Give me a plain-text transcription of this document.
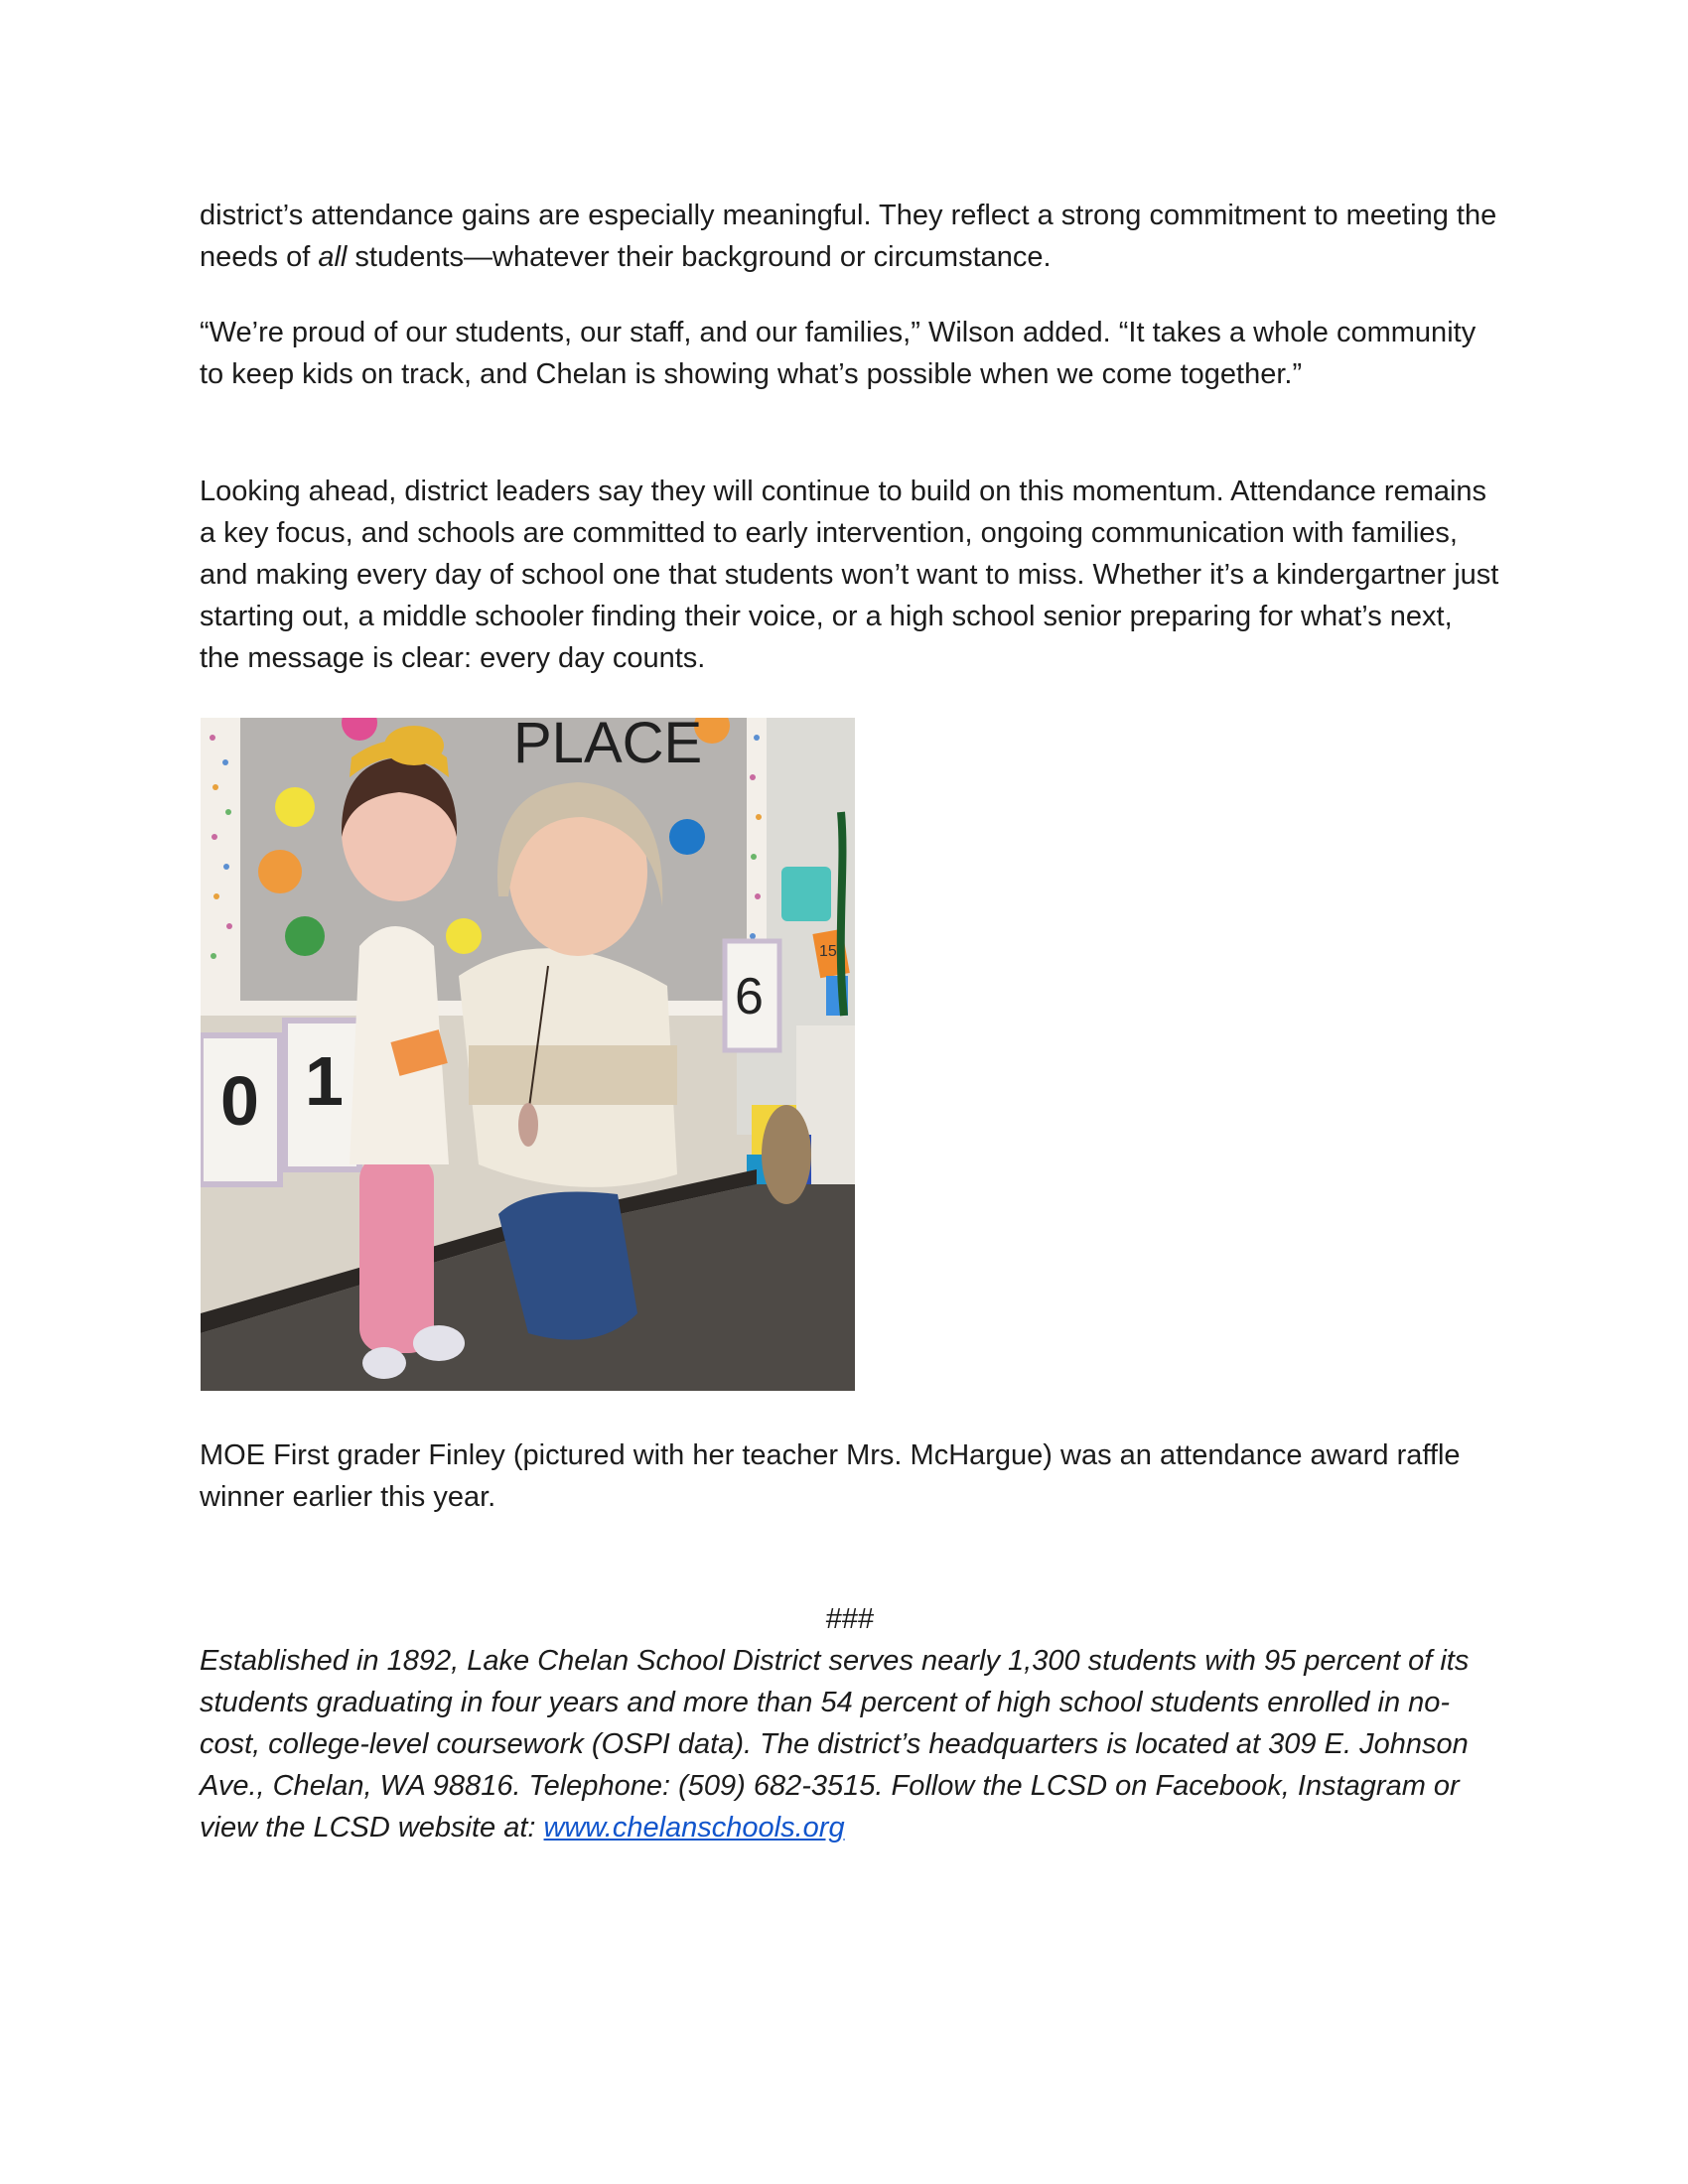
district’s attendance gains are especially meaningful. They reflect a strong commitment to meeting the needs of all students—whatever their background or circumstance.

“We’re proud of our students, our staff, and our families,” Wilson added. “It takes a whole community to keep kids on track, and Chelan is showing what’s possible when we come together.”

Looking ahead, district leaders say they will continue to build on this momentum. Attendance remains a key focus, and schools are committed to early intervention, ongoing communication with families, and making every day of school one that students won’t want to miss. Whether it’s a kindergartner just starting out, a middle schooler finding their voice, or a high school senior preparing for what’s next, the message is clear: every day counts.

PLACE
0 1
6
15

MOE First grader Finley (pictured with her teacher Mrs. McHargue) was an attendance award raffle winner earlier this year.

###

Established in 1892, Lake Chelan School District serves nearly 1,300 students with 95 percent of its students graduating in four years and more than 54 percent of high school students enrolled in no-cost, college-level coursework (OSPI data). The district’s headquarters is located at 309 E. Johnson Ave., Chelan, WA 98816. Telephone: (509) 682-3515. Follow the LCSD on Facebook, Instagram or view the LCSD website at: www.chelanschools.org
